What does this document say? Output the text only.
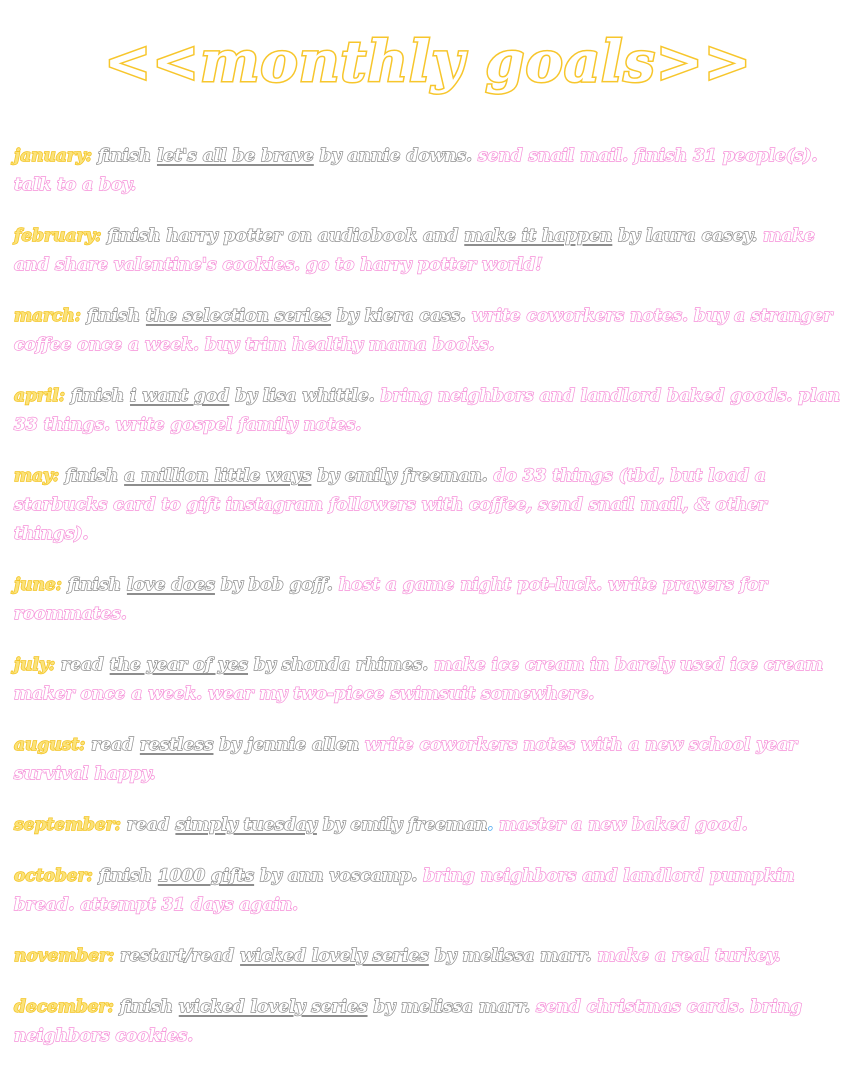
<<monthly goals>>

january: finish let's all be brave by annie downs. send snail mail. finish 31 people(s). talk to a boy.

february: finish harry potter on audiobook and make it happen by laura casey. make and share valentine's cookies. go to harry potter world!

march: finish the selection series by kiera cass. write coworkers notes. buy a stranger coffee once a week. buy trim healthy mama books.

april: finish i want god by lisa whittle. bring neighbors and landlord baked goods. plan 33 things. write gospel family notes.

may: finish a million little ways by emily freeman. do 33 things (tbd, but load a starbucks card to gift instagram followers with coffee, send snail mail, & other things).

june: finish love does by bob goff. host a game night pot-luck. write prayers for roommates.

july: read the year of yes by shonda rhimes. make ice cream in barely used ice cream maker once a week. wear my two-piece swimsuit somewhere.

august: read restless by jennie allen write coworkers notes with a new school year survival happy.

september: read simply tuesday by emily freeman. master a new baked good.

october: finish 1000 gifts by ann voscamp. bring neighbors and landlord pumpkin bread. attempt 31 days again.

november: restart/read wicked lovely series by melissa marr. make a real turkey.

december: finish wicked lovely series by melissa marr. send christmas cards. bring neighbors cookies.
